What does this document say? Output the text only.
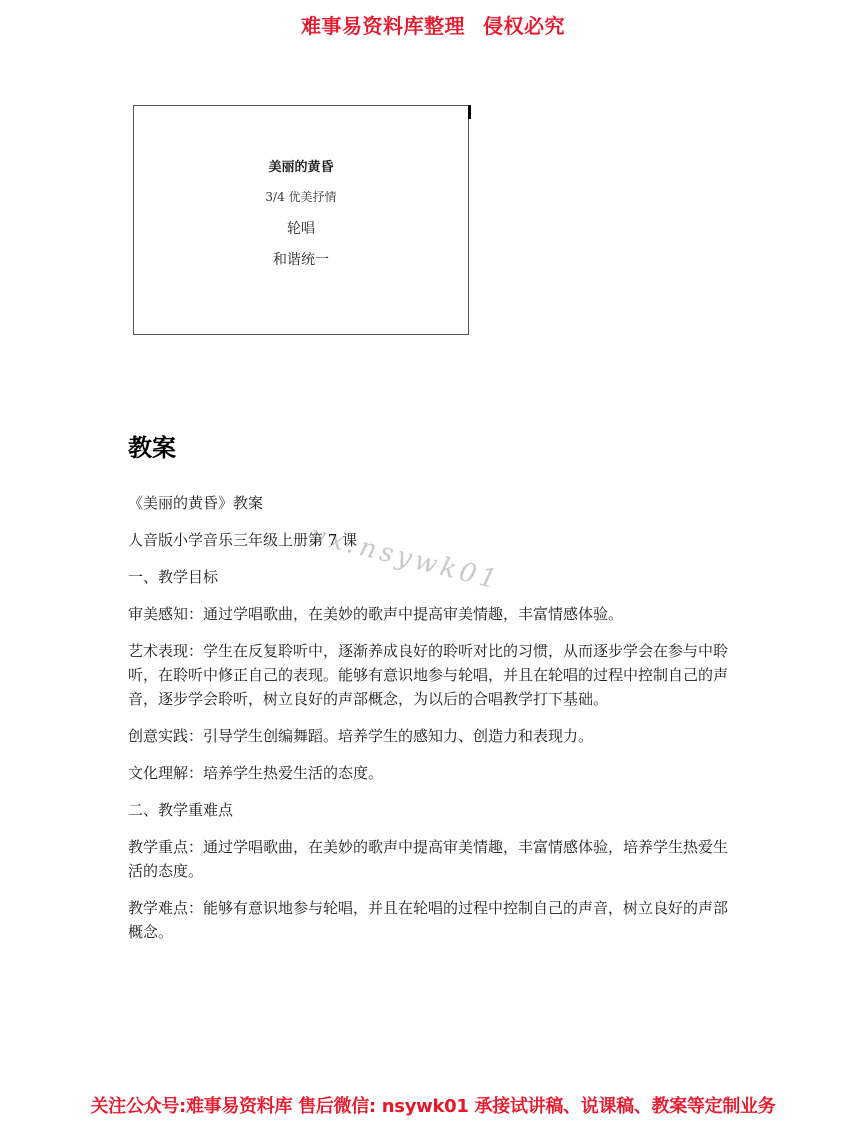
难事易资料库整理 侵权必究
美丽的黄昏
3/4 优美抒情
轮唱
和谐统一
vx:nsywk01
教案

《美丽的黄昏》教案

人音版小学音乐三年级上册第 7 课

一、教学目标

审美感知：通过学唱歌曲，在美妙的歌声中提高审美情趣，丰富情感体验。

艺术表现：学生在反复聆听中，逐渐养成良好的聆听对比的习惯，从而逐步学会在参与中聆听，在聆听中修正自己的表现。能够有意识地参与轮唱，并且在轮唱的过程中控制自己的声音，逐步学会聆听，树立良好的声部概念，为以后的合唱教学打下基础。

创意实践：引导学生创编舞蹈。培养学生的感知力、创造力和表现力。

文化理解：培养学生热爱生活的态度。

二、教学重难点

教学重点：通过学唱歌曲，在美妙的歌声中提高审美情趣，丰富情感体验，培养学生热爱生活的态度。

教学难点：能够有意识地参与轮唱，并且在轮唱的过程中控制自己的声音，树立良好的声部概念。

关注公众号:难事易资料库 售后微信: nsywk01 承接试讲稿、说课稿、教案等定制业务
